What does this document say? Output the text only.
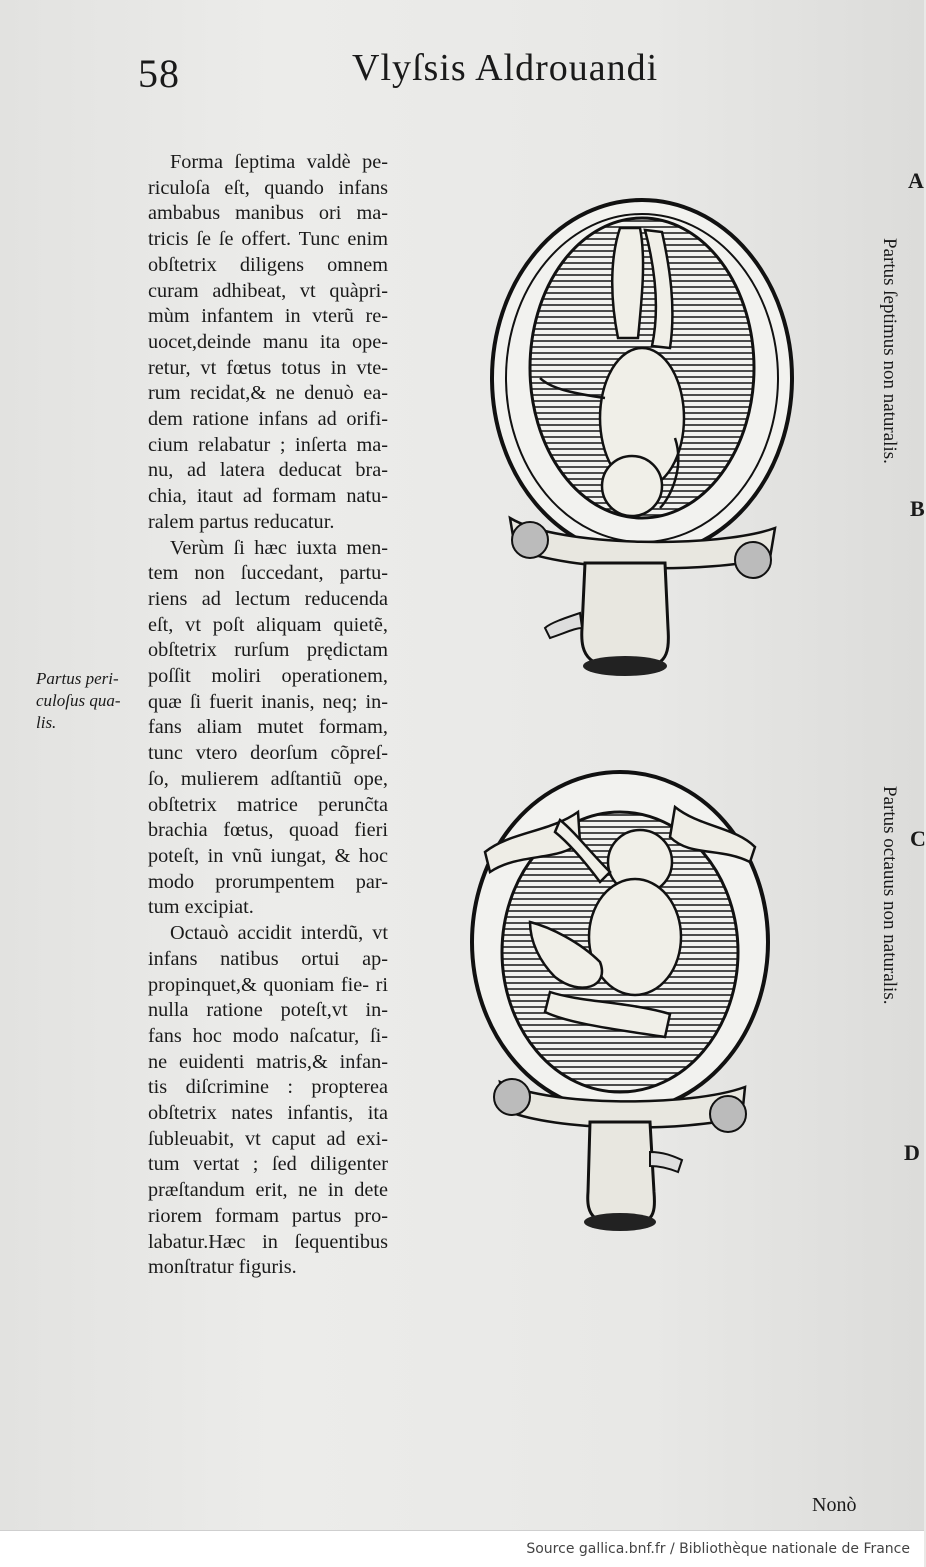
58	Vlyſsis Aldrouandi

Forma ſeptima valdè pe- riculoſa eſt, quando infans ambabus manibus ori ma- tricis ſe ſe offert. Tunc enim obſtetrix diligens omnem curam adhibeat, vt quàpri- mùm infantem in vterũ re- uocet,deinde manu ita ope- retur, vt fœtus totus in vte- rum recidat,& ne denuò ea- dem ratione infans ad orifi- cium relabatur ; inſerta ma- nu, ad latera deducat bra- chia, itaut ad formam natu- ralem partus reducatur.

Verùm ſi hæc iuxta men- tem non ſuccedant, partu- riens ad lectum reducenda eſt, vt poſt aliquam quietẽ, obſtetrix rurſum prędictam poſſit moliri operationem, quæ ſi fuerit inanis, neq; in- fans aliam mutet formam, tunc vtero deorſum cõpreſ- ſo, mulierem adſtantiũ ope, obſtetrix matrice perunc̃ta brachia fœtus, quoad fieri poteſt, in vnũ iungat, & hoc modo prorumpentem par- tum excipiat.

Octauò accidit interdũ, vt infans natibus ortui ap- propinquet,& quoniam fie- ri nulla ratione poteſt,vt in- fans hoc modo naſcatur, ſi- ne euidenti matris,& infan- tis diſcrimine : propterea obſtetrix nates infantis, ita ſubleuabit, vt caput ad exi- tum vertat ; ſed diligenter præſtandum erit, ne in dete riorem formam partus pro- labatur.Hæc in ſequentibus monſtratur figuris.

Partus peri-
culoſus qua-
lis.
Partus ſeptimus non naturalis.
Partus octauus non naturalis.
A
B
C
D
Nonò
Source gallica.bnf.fr / Bibliothèque nationale de France
